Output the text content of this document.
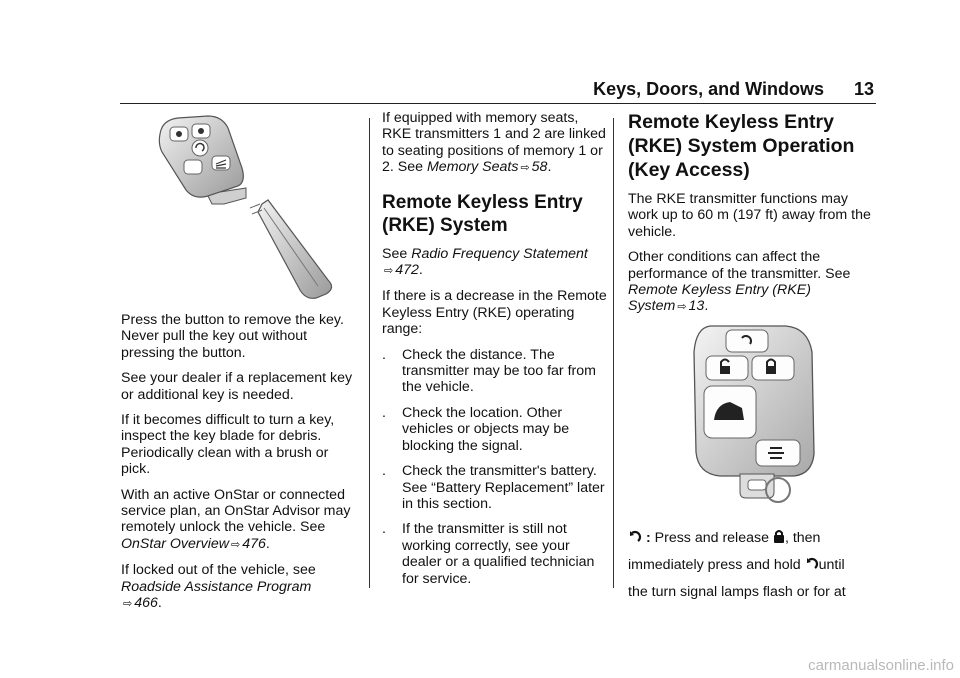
Keys, Doors, and Windows 13

Press the button to remove the key. Never pull the key out without pressing the button.

See your dealer if a replacement key or additional key is needed.

If it becomes difficult to turn a key, inspect the key blade for debris. Periodically clean with a brush or pick.

With an active OnStar or connected service plan, an OnStar Advisor may remotely unlock the vehicle. See OnStar Overview ⇨ 476.

If locked out of the vehicle, see Roadside Assistance Program
⇨ 466.

If equipped with memory seats, RKE transmitters 1 and 2 are linked to seating positions of memory 1 or 2. See Memory Seats ⇨ 58.

Remote Keyless Entry (RKE) System

See Radio Frequency Statement
⇨ 472.

If there is a decrease in the Remote Keyless Entry (RKE) operating range:

.	Check the distance. The transmitter may be too far from the vehicle.
.	Check the location. Other vehicles or objects may be blocking the signal.
.	Check the transmitter's battery. See “Battery Replacement” later in this section.
.	If the transmitter is still not working correctly, see your dealer or a qualified technician for service.
Remote Keyless Entry (RKE) System Operation (Key Access)

The RKE transmitter functions may work up to 60 m (197 ft) away from the vehicle.

Other conditions can affect the performance of the transmitter. See Remote Keyless Entry (RKE) System ⇨ 13.

: Press and release , then
immediately press and hold until
the turn signal lamps flash or for at
carmanualsonline.info
